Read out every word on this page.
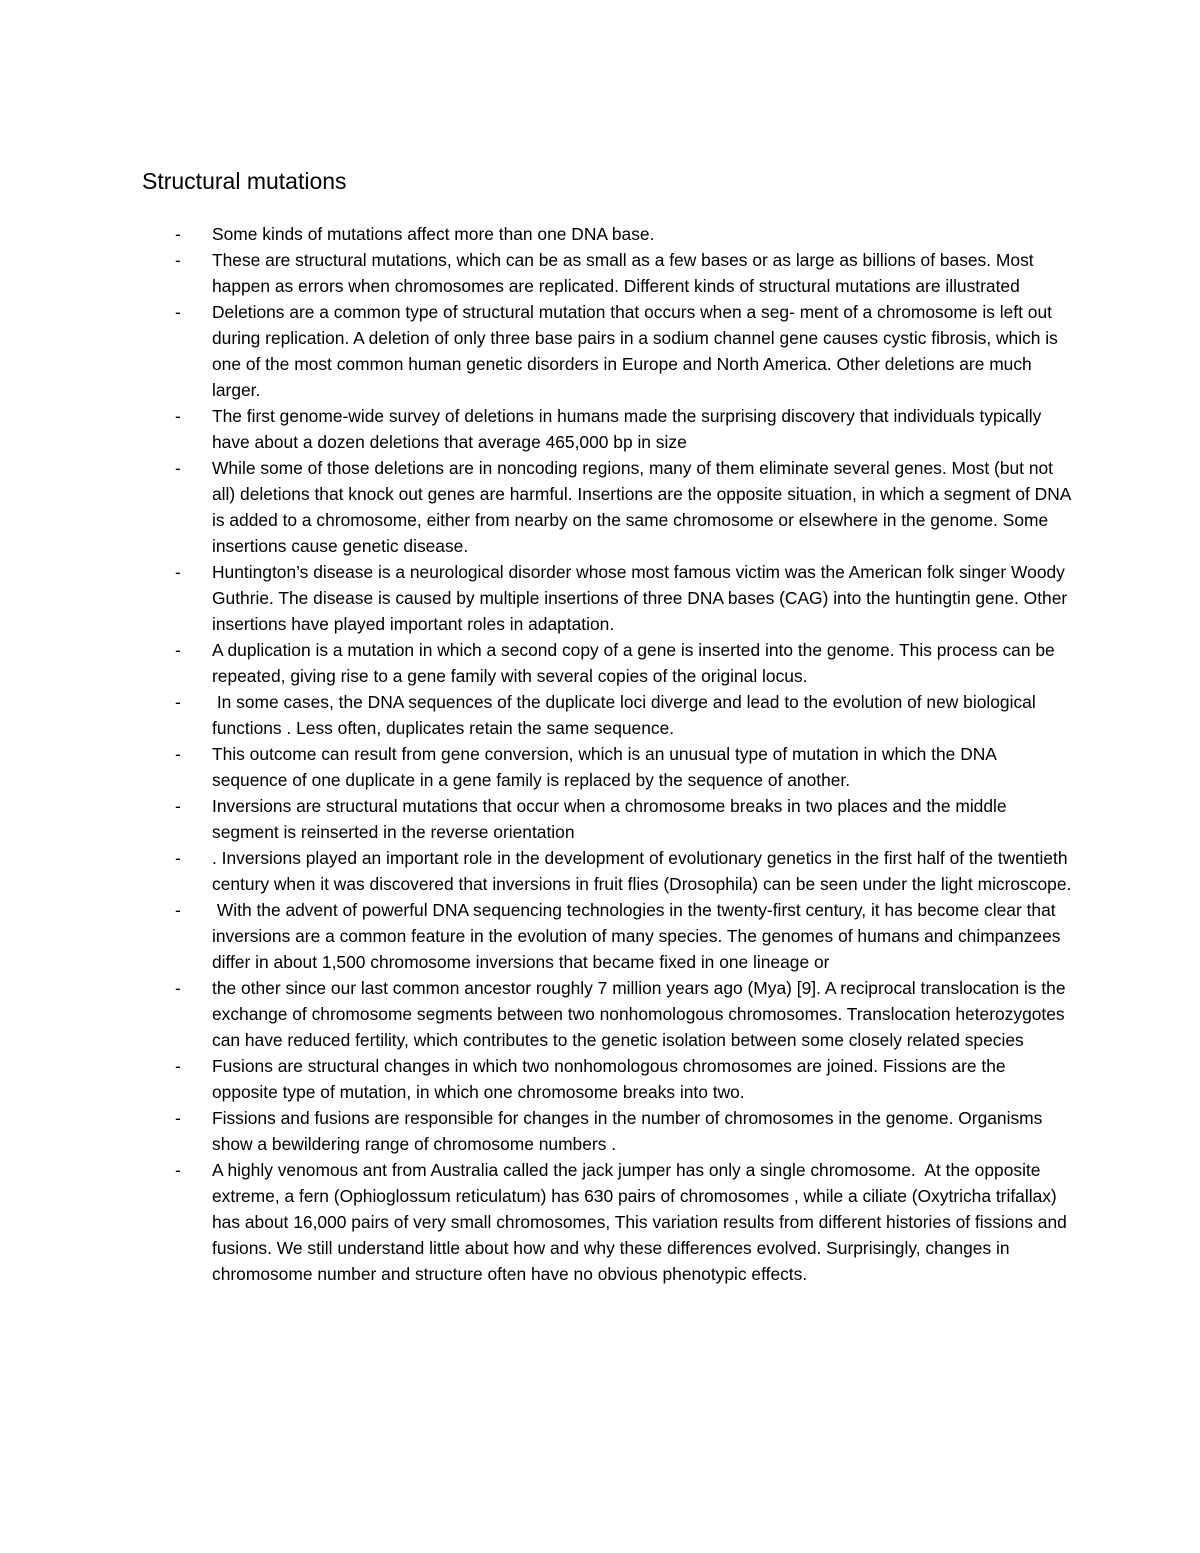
Structural mutations
- Some kinds of mutations affect more than one DNA base.
- These are structural mutations, which can be as small as a few bases or as large as billions of bases. Most happen as errors when chromosomes are replicated. Different kinds of structural mutations are illustrated
- Deletions are a common type of structural mutation that occurs when a seg- ment of a chromosome is left out during replication. A deletion of only three base pairs in a sodium channel gene causes cystic fibrosis, which is one of the most common human genetic disorders in Europe and North America. Other deletions are much larger.
- The first genome-wide survey of deletions in humans made the surprising discovery that individuals typically have about a dozen deletions that average 465,000 bp in size
- While some of those deletions are in noncoding regions, many of them eliminate several genes. Most (but not all) deletions that knock out genes are harmful. Insertions are the opposite situation, in which a segment of DNA is added to a chromosome, either from nearby on the same chromosome or elsewhere in the genome. Some insertions cause genetic disease.
- Huntington’s disease is a neurological disorder whose most famous victim was the American folk singer Woody Guthrie. The disease is caused by multiple insertions of three DNA bases (CAG) into the huntingtin gene. Other insertions have played important roles in adaptation.
- A duplication is a mutation in which a second copy of a gene is inserted into the genome. This process can be repeated, giving rise to a gene family with several copies of the original locus.
- In some cases, the DNA sequences of the duplicate loci diverge and lead to the evolution of new biological functions . Less often, duplicates retain the same sequence.
- This outcome can result from gene conversion, which is an unusual type of mutation in which the DNA sequence of one duplicate in a gene family is replaced by the sequence of another.
- Inversions are structural mutations that occur when a chromosome breaks in two places and the middle segment is reinserted in the reverse orientation
- . Inversions played an important role in the development of evolutionary genetics in the first half of the twentieth century when it was discovered that inversions in fruit flies (Drosophila) can be seen under the light microscope.
- With the advent of powerful DNA sequencing technologies in the twenty-first century, it has become clear that inversions are a common feature in the evolution of many species. The genomes of humans and chimpanzees differ in about 1,500 chromosome inversions that became fixed in one lineage or
- the other since our last common ancestor roughly 7 million years ago (Mya) [9]. A reciprocal translocation is the exchange of chromosome segments between two nonhomologous chromosomes. Translocation heterozygotes can have reduced fertility, which contributes to the genetic isolation between some closely related species
- Fusions are structural changes in which two nonhomologous chromosomes are joined. Fissions are the opposite type of mutation, in which one chromosome breaks into two.
- Fissions and fusions are responsible for changes in the number of chromosomes in the genome. Organisms show a bewildering range of chromosome numbers .
- A highly venomous ant from Australia called the jack jumper has only a single chromosome.  At the opposite extreme, a fern (Ophioglossum reticulatum) has 630 pairs of chromosomes , while a ciliate (Oxytricha trifallax) has about 16,000 pairs of very small chromosomes, This variation results from different histories of fissions and fusions. We still understand little about how and why these differences evolved. Surprisingly, changes in chromosome number and structure often have no obvious phenotypic effects.
